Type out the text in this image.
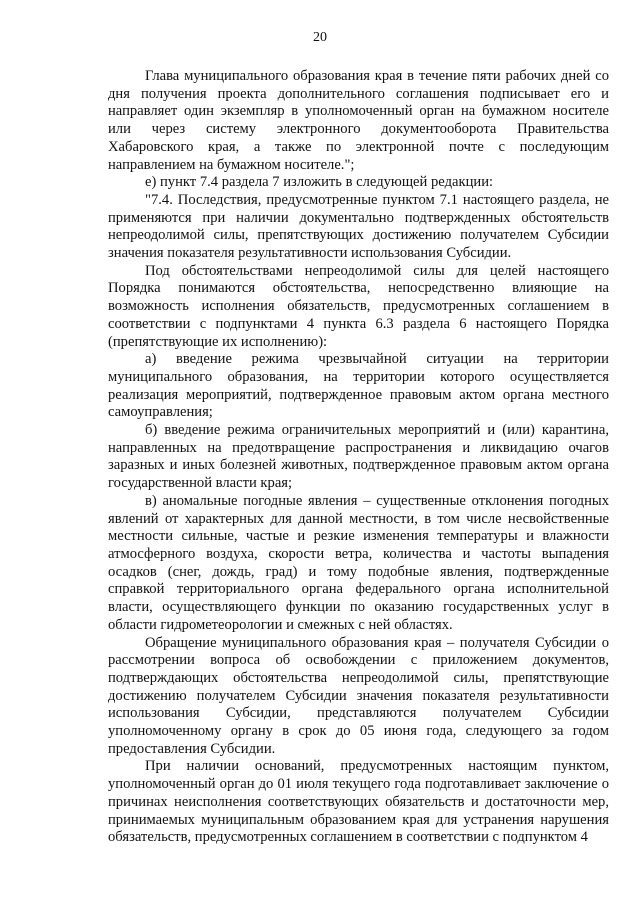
20

Глава муниципального образования края в течение пяти рабочих дней со дня получения проекта дополнительного соглашения подписывает его и направляет один экземпляр в уполномоченный орган на бумажном носителе или через систему электронного документооборота Правительства Хабаровского края, а также по электронной почте с последующим направлением на бумажном носителе.";

е) пункт 7.4 раздела 7 изложить в следующей редакции:

"7.4. Последствия, предусмотренные пунктом 7.1 настоящего раздела, не применяются при наличии документально подтвержденных обстоятельств непреодолимой силы, препятствующих достижению получателем Субсидии значения показателя результативности использования Субсидии.

Под обстоятельствами непреодолимой силы для целей настоящего Порядка понимаются обстоятельства, непосредственно влияющие на возможность исполнения обязательств, предусмотренных соглашением в соответствии с подпунктами 4 пункта 6.3 раздела 6 настоящего Порядка (препятствующие их исполнению):

а) введение режима чрезвычайной ситуации на территории муниципального образования, на территории которого осуществляется реализация мероприятий, подтвержденное правовым актом органа местного самоуправления;

б) введение режима ограничительных мероприятий и (или) карантина, направленных на предотвращение распространения и ликвидацию очагов заразных и иных болезней животных, подтвержденное правовым актом органа государственной власти края;

в) аномальные погодные явления – существенные отклонения погодных явлений от характерных для данной местности, в том числе несвойственные местности сильные, частые и резкие изменения температуры и влажности атмосферного воздуха, скорости ветра, количества и частоты выпадения осадков (снег, дождь, град) и тому подобные явления, подтвержденные справкой территориального органа федерального органа исполнительной власти, осуществляющего функции по оказанию государственных услуг в области гидрометеорологии и смежных с ней областях.

Обращение муниципального образования края – получателя Субсидии о рассмотрении вопроса об освобождении с приложением документов, подтверждающих обстоятельства непреодолимой силы, препятствующие достижению получателем Субсидии значения показателя результативности использования Субсидии, представляются получателем Субсидии уполномоченному органу в срок до 05 июня года, следующего за годом предоставления Субсидии.

При наличии оснований, предусмотренных настоящим пунктом, уполномоченный орган до 01 июля текущего года подготавливает заключение о причинах неисполнения соответствующих обязательств и достаточности мер, принимаемых муниципальным образованием края для устранения нарушения обязательств, предусмотренных соглашением в соответствии с подпунктом 4
